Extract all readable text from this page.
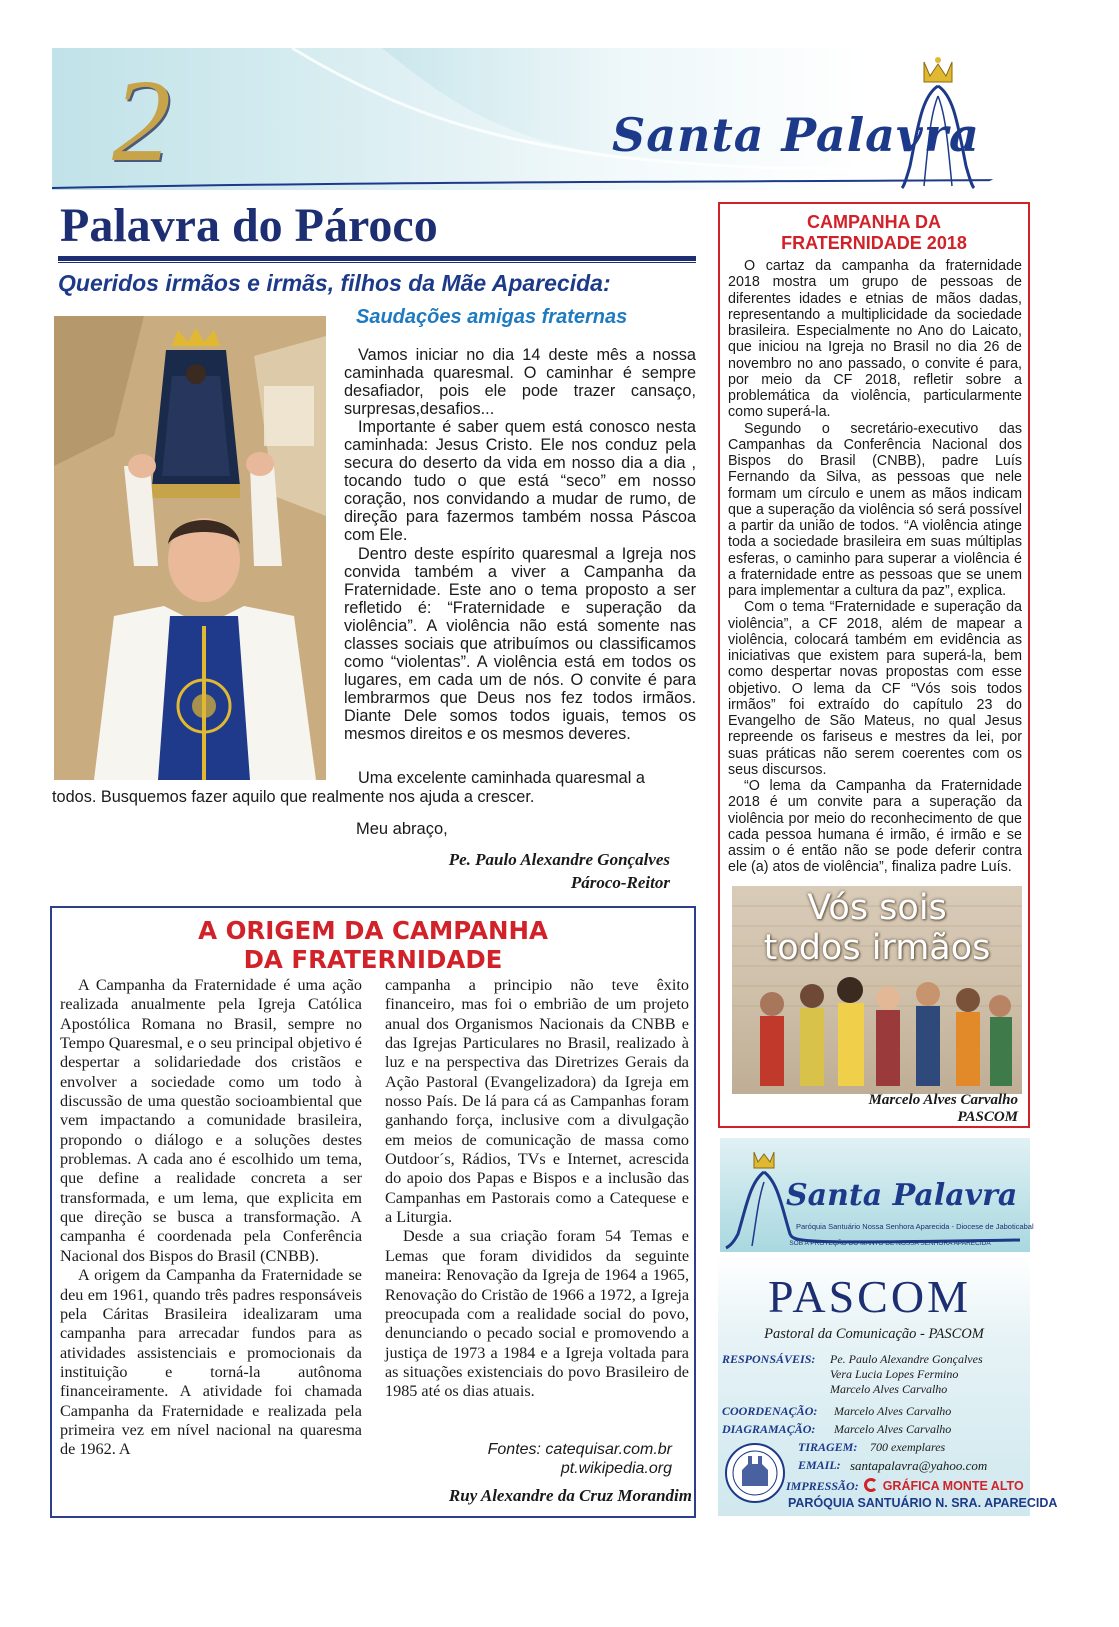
2	Santa Palavra
Palavra do Pároco
Queridos irmãos e irmãs, filhos da Mãe Aparecida:
Saudações amigas fraternas

Vamos iniciar no dia 14 deste mês a nossa caminhada quaresmal. O caminhar é sempre desafiador, pois ele pode trazer cansaço, surpresas,desafios...

Importante é saber quem está conosco nesta caminhada: Jesus Cristo. Ele nos conduz pela secura do deserto da vida em nosso dia a dia , tocando tudo o que está “seco” em nosso coração, nos convidando a mudar de rumo, de direção para fazermos também nossa Páscoa com Ele.

Dentro deste espírito quaresmal a Igreja nos convida também a viver a Campanha da Fraternidade. Este ano o tema proposto a ser refletido é: “Fraternidade e superação da violência”. A violência não está somente nas classes sociais que atribuímos ou classificamos como “violentas”. A violência está em todos os lugares, em cada um de nós. O convite é para lembrarmos que Deus nos fez todos irmãos. Diante Dele somos todos iguais, temos os mesmos direitos e os mesmos deveres.

Uma excelente caminhada quaresmal a
todos. Busquemos fazer aquilo que realmente nos ajuda a crescer.
Meu abraço,
Pe. Paulo Alexandre Gonçalves
Pároco-Reitor
A ORIGEM DA CAMPANHA
DA FRATERNIDADE

A Campanha da Fraternidade é uma ação realizada anualmente pela Igreja Católica Apostólica Romana no Brasil, sempre no Tempo Quaresmal, e o seu principal objetivo é despertar a solidariedade dos cristãos e envolver a sociedade como um todo à discussão de uma questão socioambiental que vem impactando a comunidade brasileira, propondo o diálogo e a soluções destes problemas. A cada ano é escolhido um tema, que define a realidade concreta a ser transformada, e um lema, que explicita em que direção se busca a transformação. A campanha é coordenada pela Conferência Nacional dos Bispos do Brasil (CNBB).

A origem da Campanha da Fraternidade se deu em 1961, quando três padres responsáveis pela Cáritas Brasileira idealizaram uma campanha para arrecadar fundos para as atividades assistenciais e promocionais da instituição e torná-la autônoma financeiramente. A atividade foi chamada Campanha da Fraternidade e realizada pela primeira vez em nível nacional na quaresma de 1962. A

campanha a principio não teve êxito financeiro, mas foi o embrião de um projeto anual dos Organismos Nacionais da CNBB e das Igrejas Particulares no Brasil, realizado à luz e na perspectiva das Diretrizes Gerais da Ação Pastoral (Evangelizadora) da Igreja em nosso País. De lá para cá as Campanhas foram ganhando força, inclusive com a divulgação em meios de comunicação de massa como Outdoor´s, Rádios, TVs e Internet, acrescida do apoio dos Papas e Bispos e a inclusão das Campanhas em Pastorais como a Catequese e a Liturgia.

Desde a sua criação foram 54 Temas e Lemas que foram divididos da seguinte maneira: Renovação da Igreja de 1964 a 1965, Renovação do Cristão de 1966 a 1972, a Igreja preocupada com a realidade social do povo, denunciando o pecado social e promovendo a justiça de 1973 a 1984 e a Igreja voltada para as situações existenciais do povo Brasileiro de 1985 até os dias atuais.

Fontes: catequisar.com.br
pt.wikipedia.org
Ruy Alexandre da Cruz Morandim
CAMPANHA DA
FRATERNIDADE 2018

O cartaz da campanha da fraternidade 2018 mostra um grupo de pessoas de diferentes idades e etnias de mãos dadas, representando a multiplicidade da sociedade brasileira. Especialmente no Ano do Laicato, que iniciou na Igreja no Brasil no dia 26 de novembro no ano passado, o convite é para, por meio da CF 2018, refletir sobre a problemática da violência, particularmente como superá-la.

Segundo o secretário-executivo das Campanhas da Conferência Nacional dos Bispos do Brasil (CNBB), padre Luís Fernando da Silva, as pessoas que nele formam um círculo e unem as mãos indicam que a superação da violência só será possível a partir da união de todos. “A violência atinge toda a sociedade brasileira em suas múltiplas esferas, o caminho para superar a violência é a fraternidade entre as pessoas que se unem para implementar a cultura da paz”, explica.

Com o tema “Fraternidade e superação da violência”, a CF 2018, além de mapear a violência, colocará também em evidência as iniciativas que existem para superá-la, bem como despertar novas propostas com esse objetivo. O lema da CF “Vós sois todos irmãos” foi extraído do capítulo 23 do Evangelho de São Mateus, no qual Jesus repreende os fariseus e mestres da lei, por suas práticas não serem coerentes com os seus discursos.

“O lema da Campanha da Fraternidade 2018 é um convite para a superação da violência por meio do reconhecimento de que cada pessoa humana é irmão, é irmão e se assim o é então não se pode deferir contra ele (a) atos de violência”, finaliza padre Luís.

Vós sois
todos irmãos
Marcelo Alves Carvalho
PASCOM
Santa Palavra
Paróquia Santuário Nossa Senhora Aparecida - Diocese de Jaboticabal
SOB A PROTEÇÃO DO MANTO DE NOSSA SENHORA APARECIDA
PASCOM
Pastoral da Comunicação - PASCOM
RESPONSÁVEIS: Pe. Paulo Alexandre Gonçalves
Vera Lucia Lopes Fermino
Marcelo Alves Carvalho
COORDENAÇÃO: Marcelo Alves Carvalho
DIAGRAMAÇÃO: Marcelo Alves Carvalho
TIRAGEM: 700 exemplares
EMAIL: santapalavra@yahoo.com
IMPRESSÃO: GRÁFICA MONTE ALTO
PARÓQUIA SANTUÁRIO N. SRA. APARECIDA
